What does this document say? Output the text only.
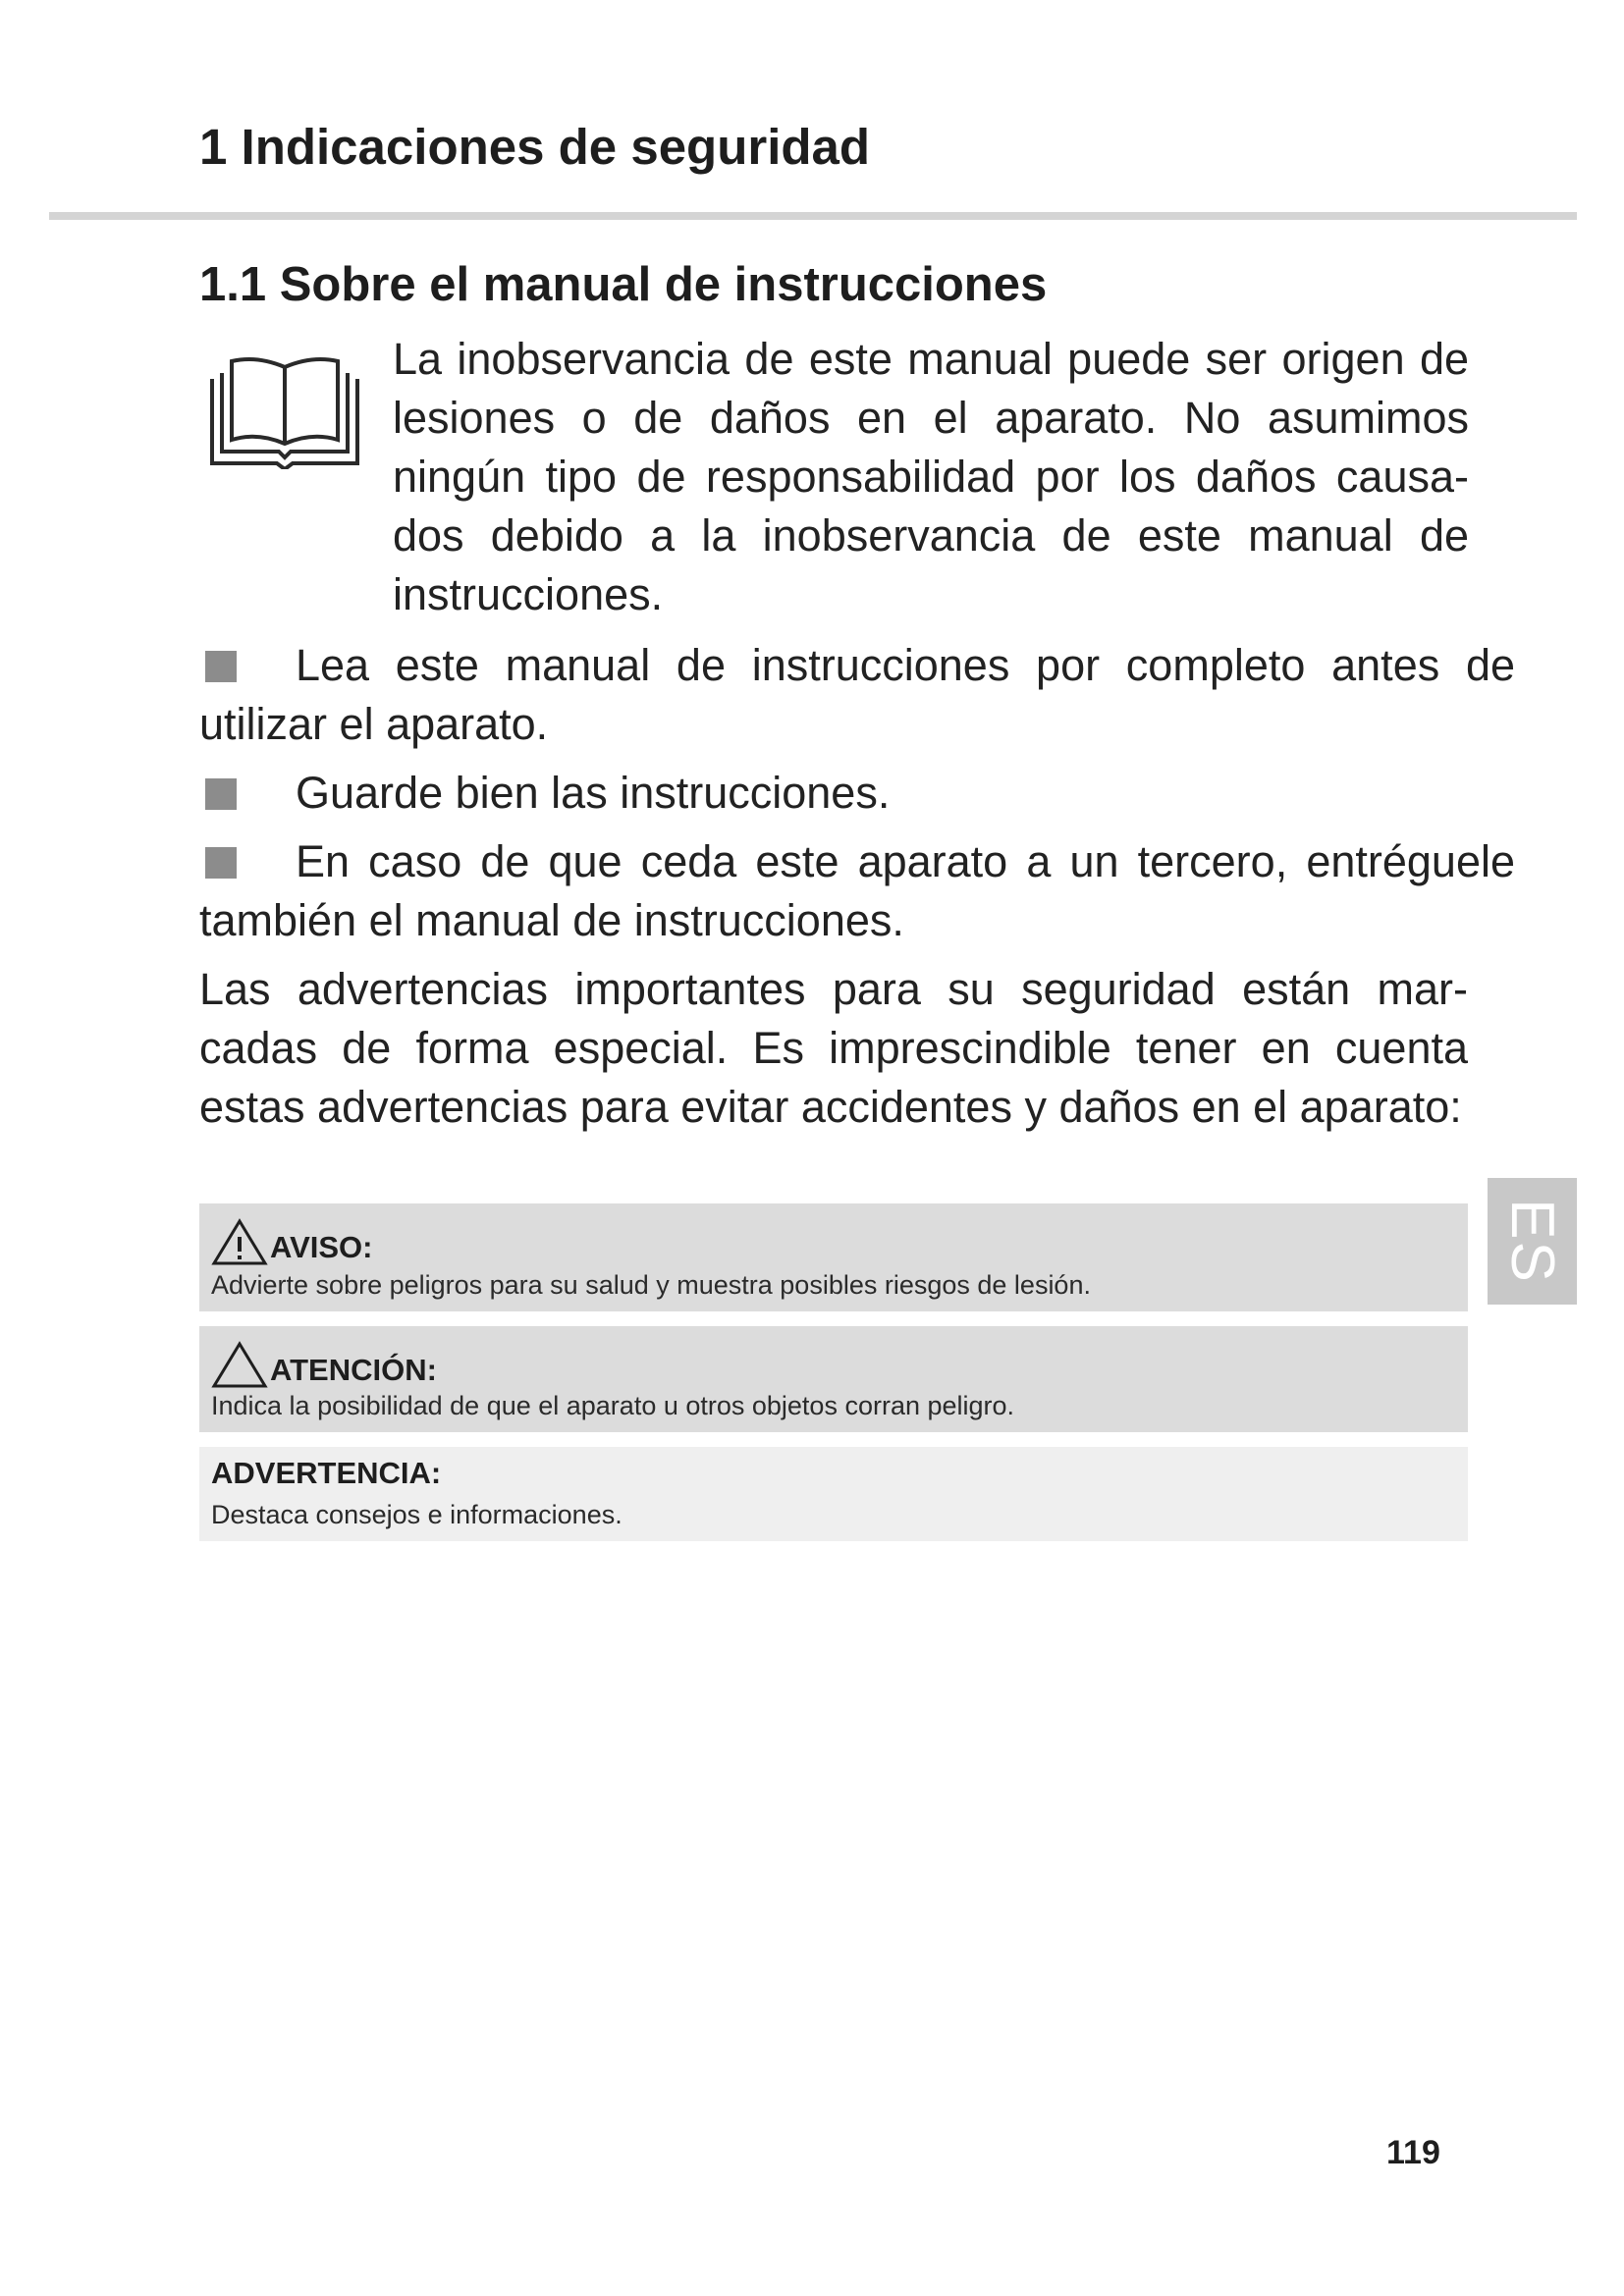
1 Indicaciones de seguridad
1.1 Sobre el manual de instrucciones

La inobservancia de este manual puede ser origen de lesiones o de daños en el aparato. No asumimos ningún tipo de responsabilidad por los daños causados debido a la inobservancia de este manual de instrucciones.

Lea este manual de instrucciones por completo antes de utilizar el aparato.

Guarde bien las instrucciones.

En caso de que ceda este aparato a un tercero, entréguele también el manual de instrucciones.

Las advertencias importantes para su seguridad están marcadas de forma especial. Es imprescindible tener en cuenta estas advertencias para evitar accidentes y daños en el aparato:

AVISO:
Advierte sobre peligros para su salud y muestra posibles riesgos de lesión.
ATENCIÓN:
Indica la posibilidad de que el aparato u otros objetos corran peligro.
ADVERTENCIA:
Destaca consejos e informaciones.
ES

119
